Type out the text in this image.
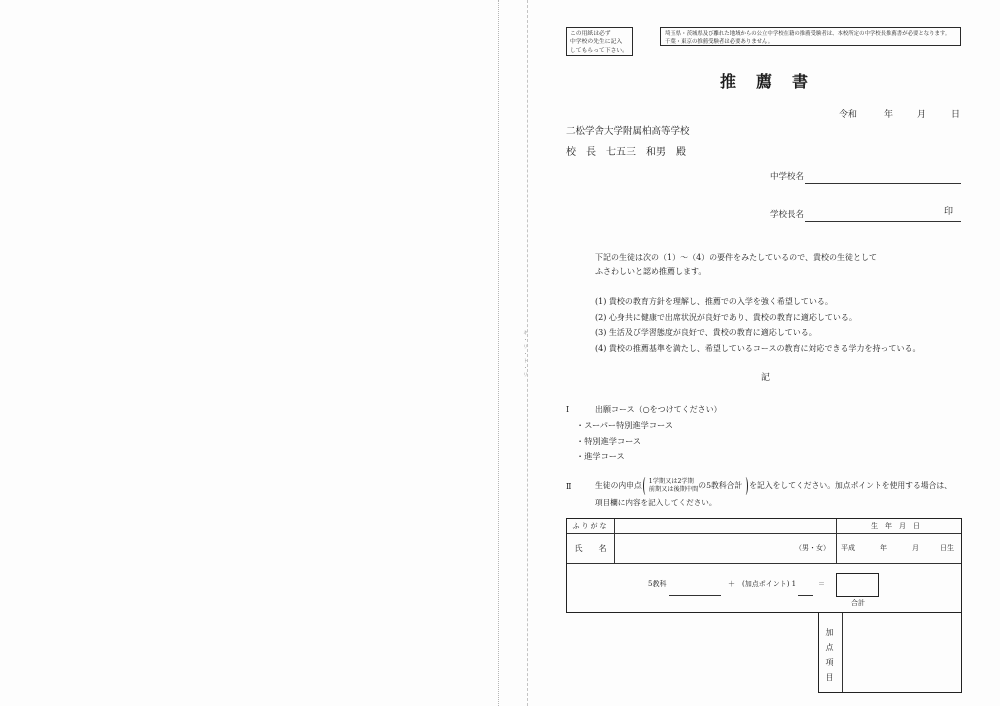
キ・リ・ト・リ
この用紙は必ず
中学校の先生に記入
してもらって下さい。
埼玉県・茨城県及び離れた地域からの公立中学校在籍の推薦受験者は、本校所定の中学校長推薦書が必要となります。
千葉・東京の推薦受験者は必要ありません。
推薦書
令和	年	月	日
二松学舎大学附属柏高等学校
校　長　七五三　和男　殿
中学校名
学校長名	印
下記の生徒は次の（1）～（4）の要件をみたしているので、貴校の生徒として
ふさわしいと認め推薦します。
(1) 貴校の教育方針を理解し、推薦での入学を強く希望している。
(2) 心身共に健康で出席状況が良好であり、貴校の教育に適応している。
(3) 生活及び学習態度が良好で、貴校の教育に適応している。
(4) 貴校の推薦基準を満たし、希望しているコースの教育に対応できる学力を持っている。
記
Ⅰ	出願コース（○をつけてください）
・スーパー特別進学コース
・特別進学コース
・進学コース
Ⅱ	生徒の内申点 1学期又は2学期
前期又は後期中間 の5教科合計 を記入をしてください。加点ポイントを使用する場合は、
項目欄に内容を記入してください。
ふりがな	生年月日
氏名	（男・女） 平成	年	月	日生
5教科	＋ (加点ポイント) 1	＝
合計
加点項目
